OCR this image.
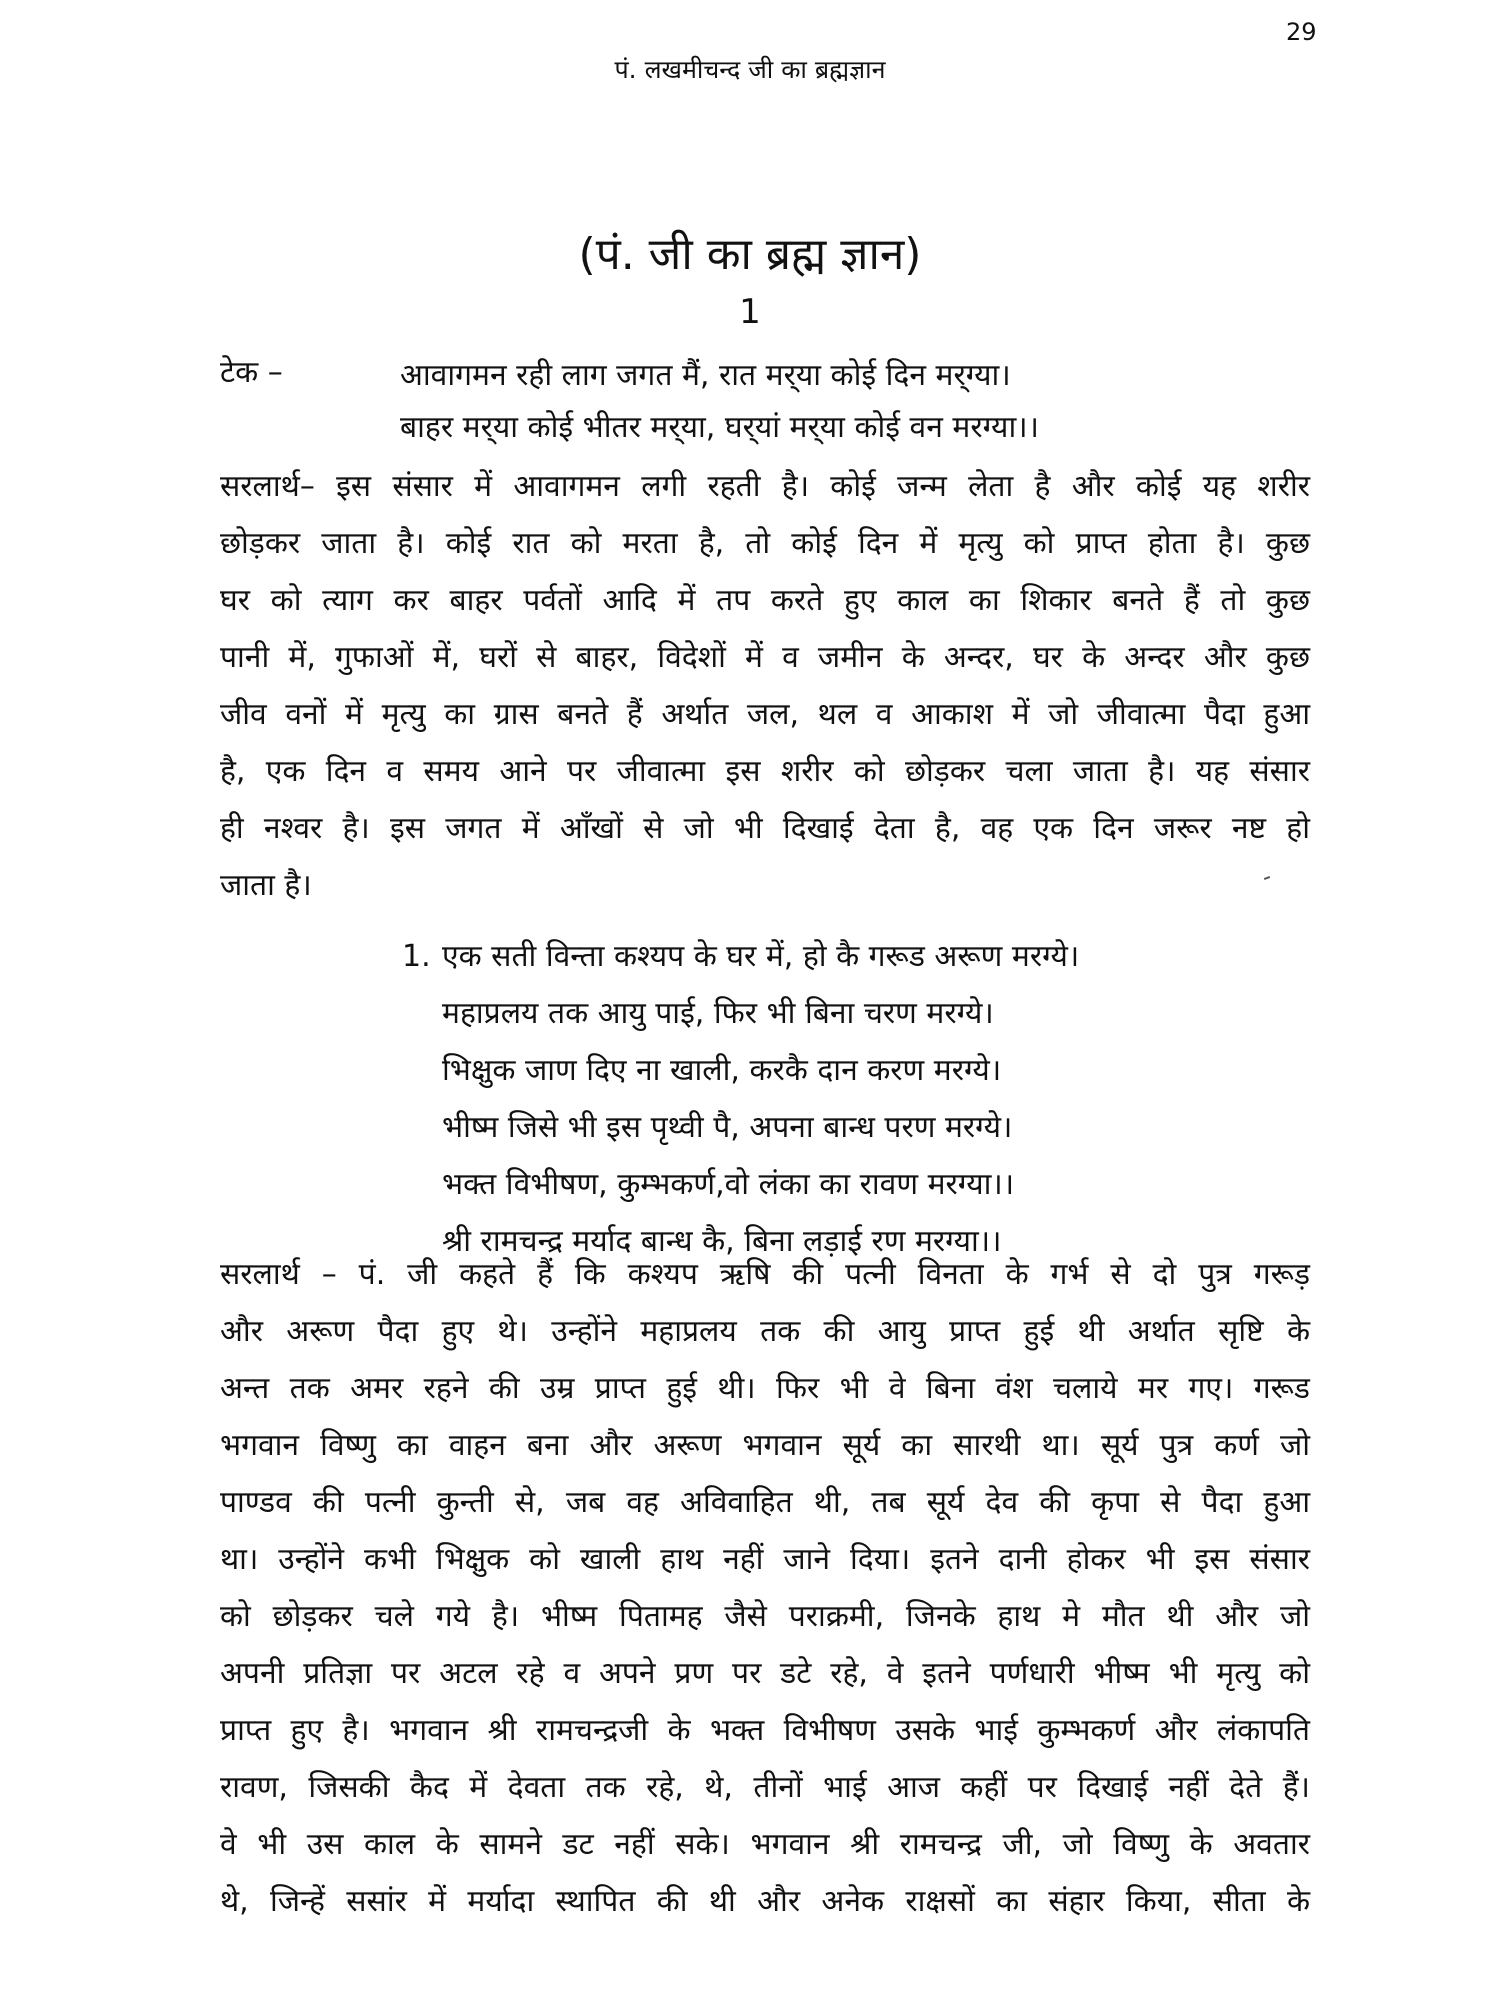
29
पं. लखमीचन्द जी का ब्रह्मज्ञान
(पं. जी का ब्रह्म ज्ञान)
1
टेक –	आवागमन रही लाग जगत मैं, रात मर्‌या कोई दिन मर्‌ग्या।
बाहर मर्‌या कोई भीतर मर्‌या, घर्‌यां मर्‌या कोई वन मरग्या।।
सरलार्थ– इस संसार में आवागमन लगी रहती है। कोई जन्म लेता है और कोई यह शरीर
छोड़कर जाता है। कोई रात को मरता है, तो कोई दिन में मृत्यु को प्राप्त होता है। कुछ
घर को त्याग कर बाहर पर्वतों आदि में तप करते हुए काल का शिकार बनते हैं तो कुछ
पानी में, गुफाओं में, घरों से बाहर, विदेशों में व जमीन के अन्दर, घर के अन्दर और कुछ
जीव वनों में मृत्यु का ग्रास बनते हैं अर्थात जल, थल व आकाश में जो जीवात्मा पैदा हुआ
है, एक दिन व समय आने पर जीवात्मा इस शरीर को छोड़कर चला जाता है। यह संसार
ही नश्वर है। इस जगत में आँखों से जो भी दिखाई देता है, वह एक दिन जरूर नष्ट हो
जाता है।
1. एक सती विन्ता कश्यप के घर में, हो कै गरूड अरूण मरग्ये।
महाप्रलय तक आयु पाई, फिर भी बिना चरण मरग्ये।
भिक्षुक जाण दिए ना खाली, करकै दान करण मरग्ये।
भीष्म जिसे भी इस पृथ्वी पै, अपना बान्ध परण मरग्ये।
भक्त विभीषण, कुम्भकर्ण,वो लंका का रावण मरग्या।।
श्री रामचन्द्र मर्याद बान्ध कै, बिना लड़ाई रण मरग्या।।
सरलार्थ – पं. जी कहते हैं कि कश्यप ऋषि की पत्नी विनता के गर्भ से दो पुत्र गरूड़
और अरूण पैदा हुए थे। उन्होंने महाप्रलय तक की आयु प्राप्त हुई थी अर्थात सृष्टि के
अन्त तक अमर रहने की उम्र प्राप्त हुई थी। फिर भी वे बिना वंश चलाये मर गए। गरूड
भगवान विष्णु का वाहन बना और अरूण भगवान सूर्य का सारथी था। सूर्य पुत्र कर्ण जो
पाण्डव की पत्नी कुन्ती से, जब वह अविवाहित थी, तब सूर्य देव की कृपा से पैदा हुआ
था। उन्होंने कभी भिक्षुक को खाली हाथ नहीं जाने दिया। इतने दानी होकर भी इस संसार
को छोड़कर चले गये है। भीष्म पितामह जैसे पराक्रमी, जिनके हाथ मे मौत थी और जो
अपनी प्रतिज्ञा पर अटल रहे व अपने प्रण पर डटे रहे, वे इतने पर्णधारी भीष्म भी मृत्यु को
प्राप्त हुए है। भगवान श्री रामचन्द्रजी के भक्त विभीषण उसके भाई कुम्भकर्ण और लंकापति
रावण, जिसकी कैद में देवता तक रहे, थे, तीनों भाई आज कहीं पर दिखाई नहीं देते हैं।
वे भी उस काल के सामने डट नहीं सके। भगवान श्री रामचन्द्र जी, जो विष्णु के अवतार
थे, जिन्हें ससांर में मर्यादा स्थापित की थी और अनेक राक्षसों का संहार किया, सीता के
